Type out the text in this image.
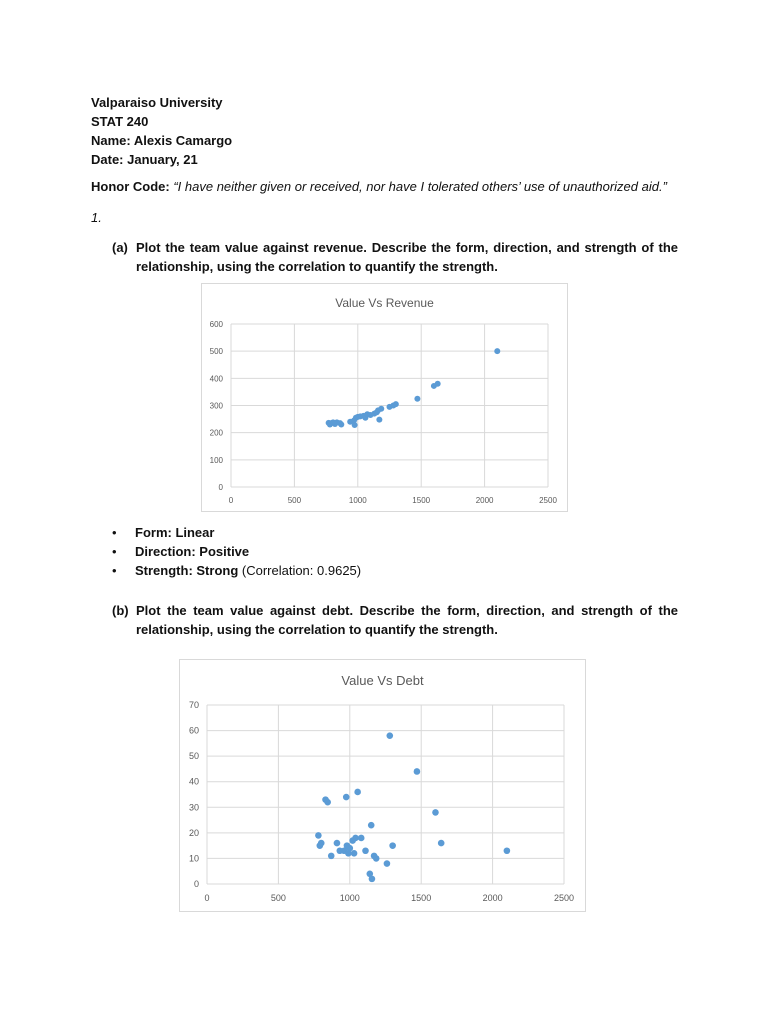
Valparaiso University
STAT 240
Name: Alexis Camargo
Date: January, 21
Honor Code: “I have neither given or received, nor have I tolerated others’ use of unauthorized aid.”
1.
(a) Plot the team value against revenue. Describe the form, direction, and strength of the relationship, using the correlation to quantify the strength.
Value Vs Revenue
0
100
200
300
400
500
600
0	500	1000	1500	2000	2500
• Form: Linear
• Direction: Positive
• Strength: Strong (Correlation: 0.9625)
(b) Plot the team value against debt. Describe the form, direction, and strength of the relationship, using the correlation to quantify the strength.
Value Vs Debt
0
10
20
30
40
50
60
70
0	500	1000	1500	2000	2500
